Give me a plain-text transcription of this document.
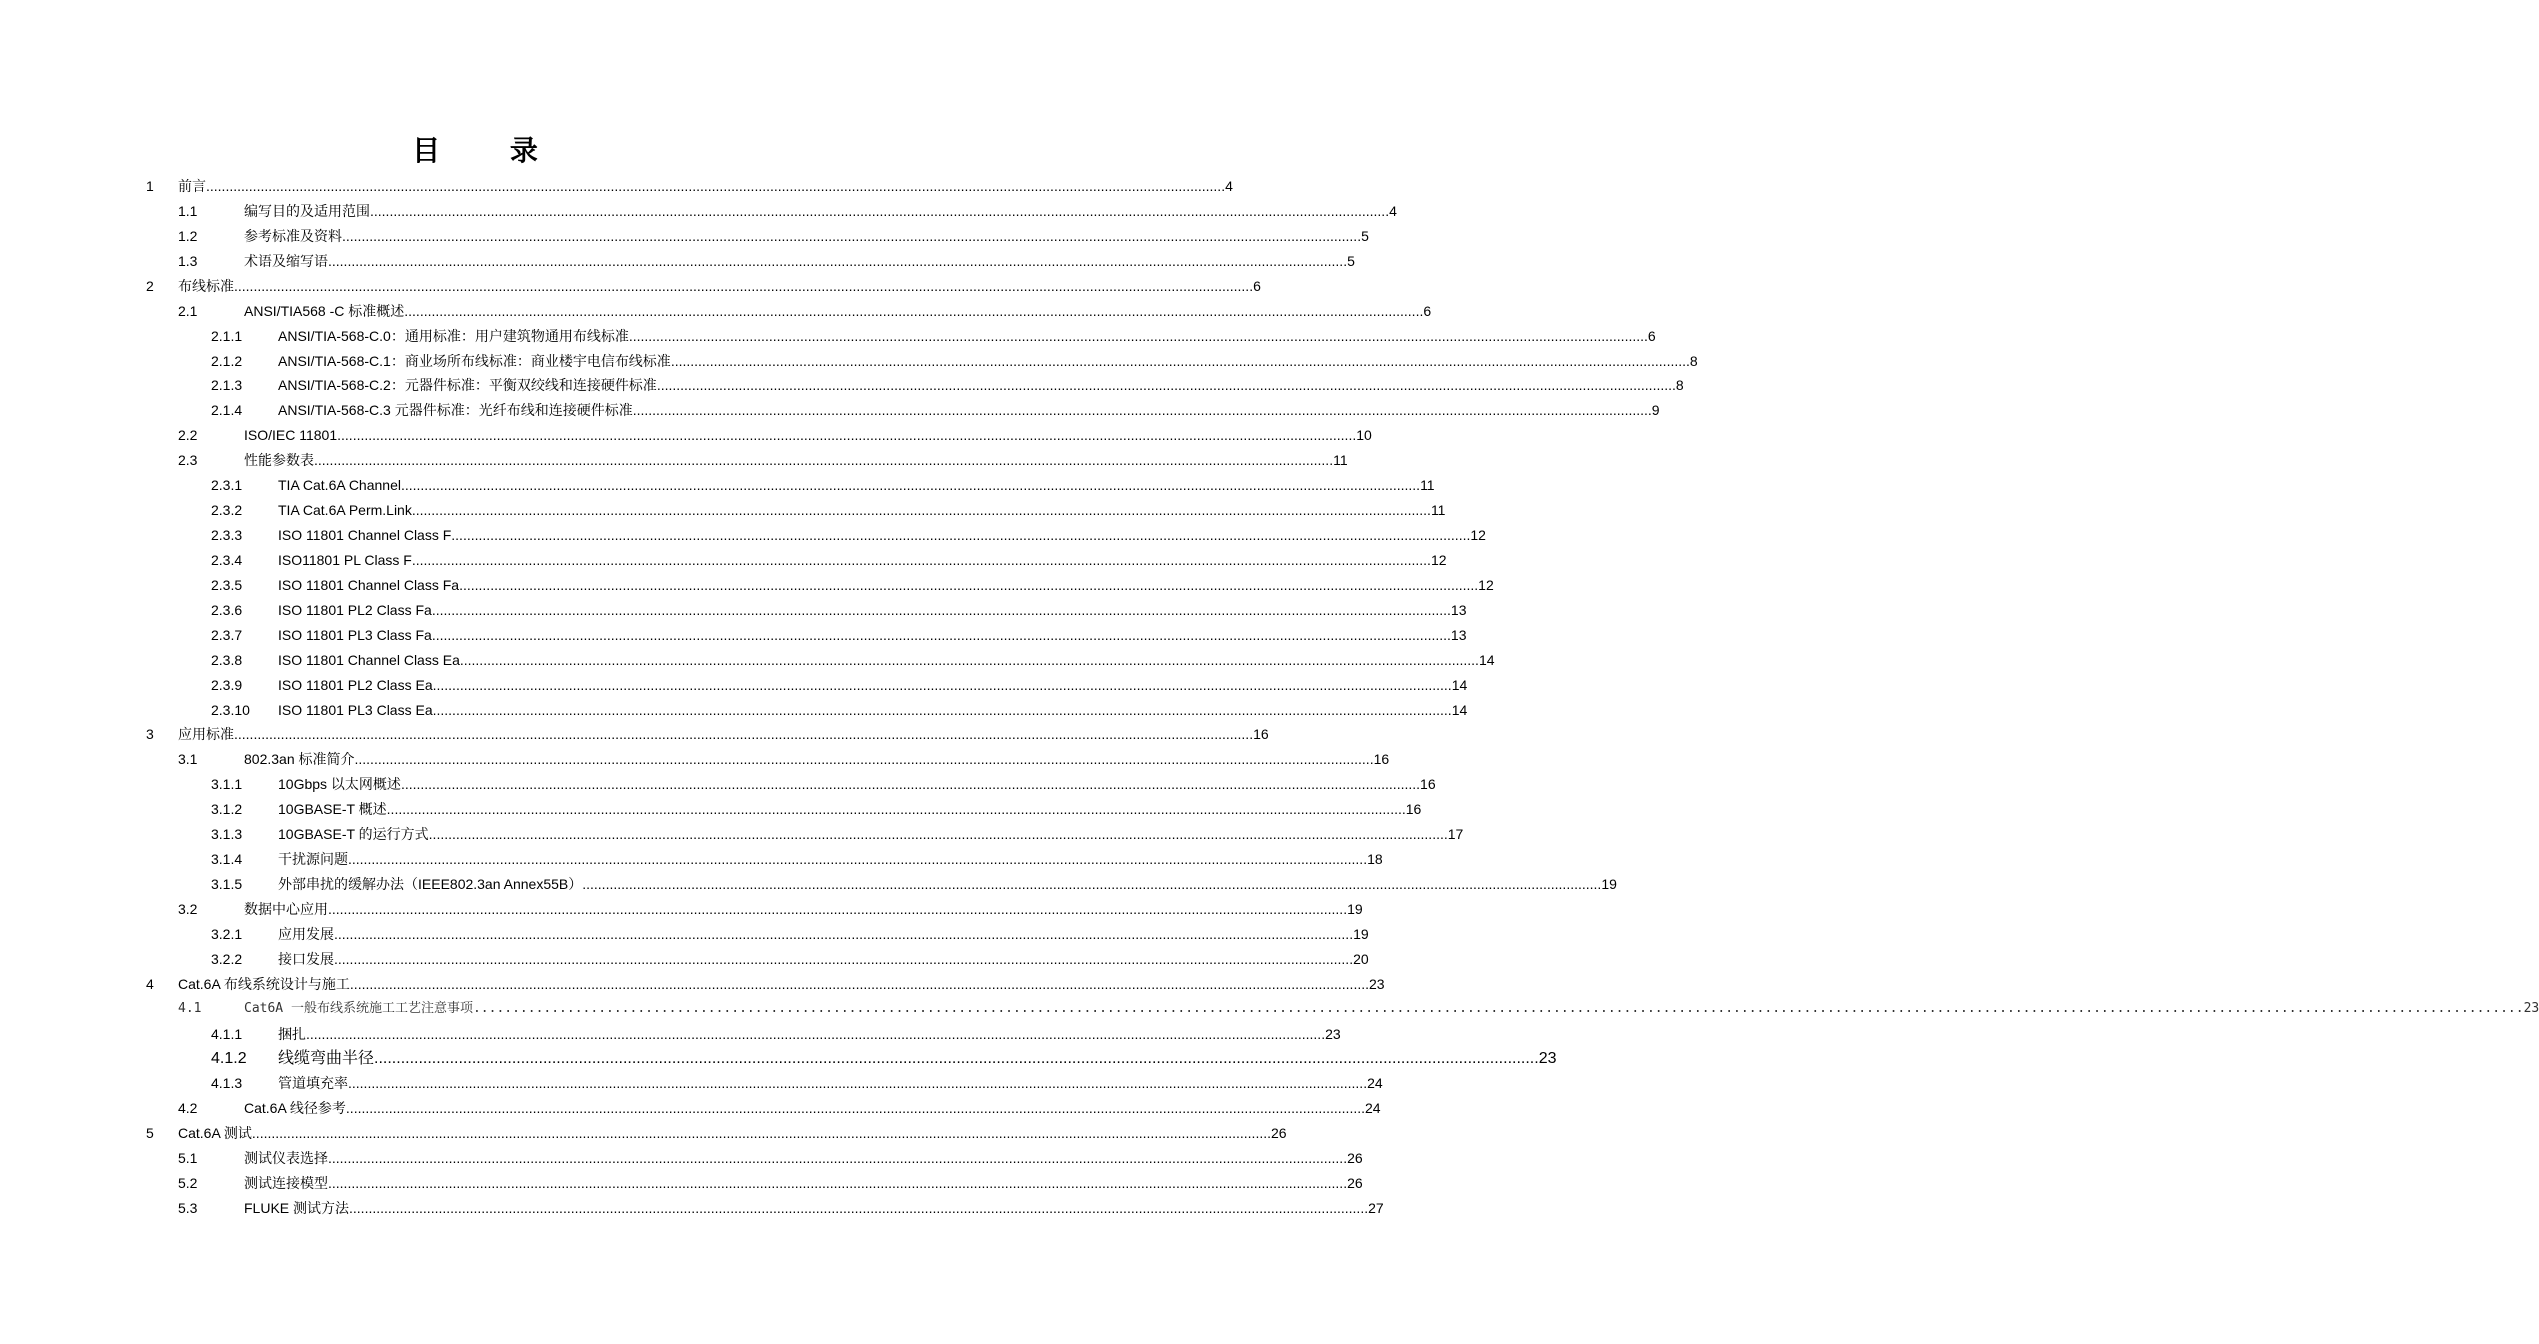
目 录
1 前言 ...................................................................................................................................................................................................................................................................... 4
1.1	编写目的及适用范围 ...................................................................................................................................................................................................................................................................... 4
1.2	参考标准及资料 ...................................................................................................................................................................................................................................................................... 5
1.3	术语及缩写语 ...................................................................................................................................................................................................................................................................... 5
2 布线标准 ...................................................................................................................................................................................................................................................................... 6
2.1	ANSI/TIA568 -C 标准概述 ...................................................................................................................................................................................................................................................................... 6
2.1.1	ANSI/TIA-568-C.0：通用标准：用户建筑物通用布线标准 ...................................................................................................................................................................................................................................................................... 6
2.1.2	ANSI/TIA-568-C.1：商业场所布线标准：商业楼宇电信布线标准 ...................................................................................................................................................................................................................................................................... 8
2.1.3	ANSI/TIA-568-C.2：元器件标准：平衡双绞线和连接硬件标准 ...................................................................................................................................................................................................................................................................... 8
2.1.4	ANSI/TIA-568-C.3 元器件标准：光纤布线和连接硬件标准 ...................................................................................................................................................................................................................................................................... 9
2.2	ISO/IEC 11801 ...................................................................................................................................................................................................................................................................... 10
2.3	性能参数表 ...................................................................................................................................................................................................................................................................... 11
2.3.1	TIA Cat.6A Channel ...................................................................................................................................................................................................................................................................... 11
2.3.2	TIA Cat.6A Perm.Link ...................................................................................................................................................................................................................................................................... 11
2.3.3	ISO 11801 Channel Class F ...................................................................................................................................................................................................................................................................... 12
2.3.4	ISO11801 PL Class F ...................................................................................................................................................................................................................................................................... 12
2.3.5	ISO 11801 Channel Class Fa ...................................................................................................................................................................................................................................................................... 12
2.3.6	ISO 11801 PL2 Class Fa ...................................................................................................................................................................................................................................................................... 13
2.3.7	ISO 11801 PL3 Class Fa ...................................................................................................................................................................................................................................................................... 13
2.3.8	ISO 11801 Channel Class Ea ...................................................................................................................................................................................................................................................................... 14
2.3.9	ISO 11801 PL2 Class Ea ...................................................................................................................................................................................................................................................................... 14
2.3.10 ISO 11801 PL3 Class Ea ...................................................................................................................................................................................................................................................................... 14
3 应用标准 ...................................................................................................................................................................................................................................................................... 16
3.1	802.3an 标准简介 ...................................................................................................................................................................................................................................................................... 16
3.1.1	10Gbps 以太网概述 ...................................................................................................................................................................................................................................................................... 16
3.1.2	10GBASE-T 概述 ...................................................................................................................................................................................................................................................................... 16
3.1.3	10GBASE-T 的运行方式 ...................................................................................................................................................................................................................................................................... 17
3.1.4	干扰源问题 ...................................................................................................................................................................................................................................................................... 18
3.1.5	外部串扰的缓解办法（IEEE802.3an Annex55B） ...................................................................................................................................................................................................................................................................... 19
3.2	数据中心应用 ...................................................................................................................................................................................................................................................................... 19
3.2.1	应用发展 ...................................................................................................................................................................................................................................................................... 19
3.2.2	接口发展 ...................................................................................................................................................................................................................................................................... 20
4 Cat.6A 布线系统设计与施工 ...................................................................................................................................................................................................................................................................... 23
4.1	Cat6A 一般布线系统施工工艺注意事项 ...................................................................................................................................................................................................................................................................... 23
4.1.1	捆扎 ...................................................................................................................................................................................................................................................................... 23
4.1.2 线缆弯曲半径 ...................................................................................................................................................................................................................................................................... 23
4.1.3	管道填充率 ...................................................................................................................................................................................................................................................................... 24
4.2	Cat.6A 线径参考 ...................................................................................................................................................................................................................................................................... 24
5 Cat.6A 测试 ...................................................................................................................................................................................................................................................................... 26
5.1	测试仪表选择 ...................................................................................................................................................................................................................................................................... 26
5.2	测试连接模型 ...................................................................................................................................................................................................................................................................... 26
5.3	FLUKE 测试方法 ...................................................................................................................................................................................................................................................................... 27
